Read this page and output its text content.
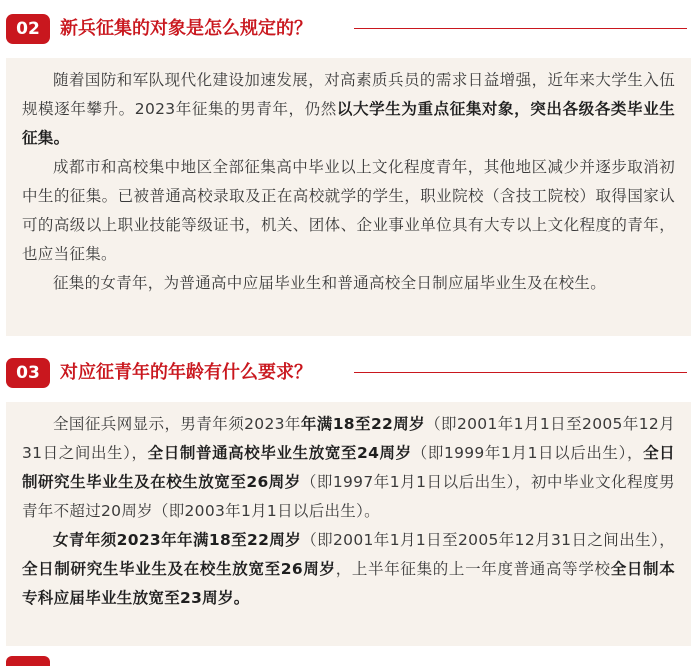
02	新兵征集的对象是怎么规定的？

随着国防和军队现代化建设加速发展，对高素质兵员的需求日益增强，近年来大学生入伍规模逐年攀升。2023年征集的男青年，仍然以大学生为重点征集对象，突出各级各类毕业生征集。

成都市和高校集中地区全部征集高中毕业以上文化程度青年，其他地区减少并逐步取消初中生的征集。已被普通高校录取及正在高校就学的学生，职业院校（含技工院校）取得国家认可的高级以上职业技能等级证书，机关、团体、企业事业单位具有大专以上文化程度的青年，也应当征集。

征集的女青年，为普通高中应届毕业生和普通高校全日制应届毕业生及在校生。

03	对应征青年的年龄有什么要求？

全国征兵网显示，男青年须2023年年满18至22周岁（即2001年1月1日至2005年12月31日之间出生），全日制普通高校毕业生放宽至24周岁（即1999年1月1日以后出生），全日制研究生毕业生及在校生放宽至26周岁（即1997年1月1日以后出生），初中毕业文化程度男青年不超过20周岁（即2003年1月1日以后出生）。

女青年须2023年年满18至22周岁（即2001年1月1日至2005年12月31日之间出生），全日制研究生毕业生及在校生放宽至26周岁，上半年征集的上一年度普通高等学校全日制本专科应届毕业生放宽至23周岁。
